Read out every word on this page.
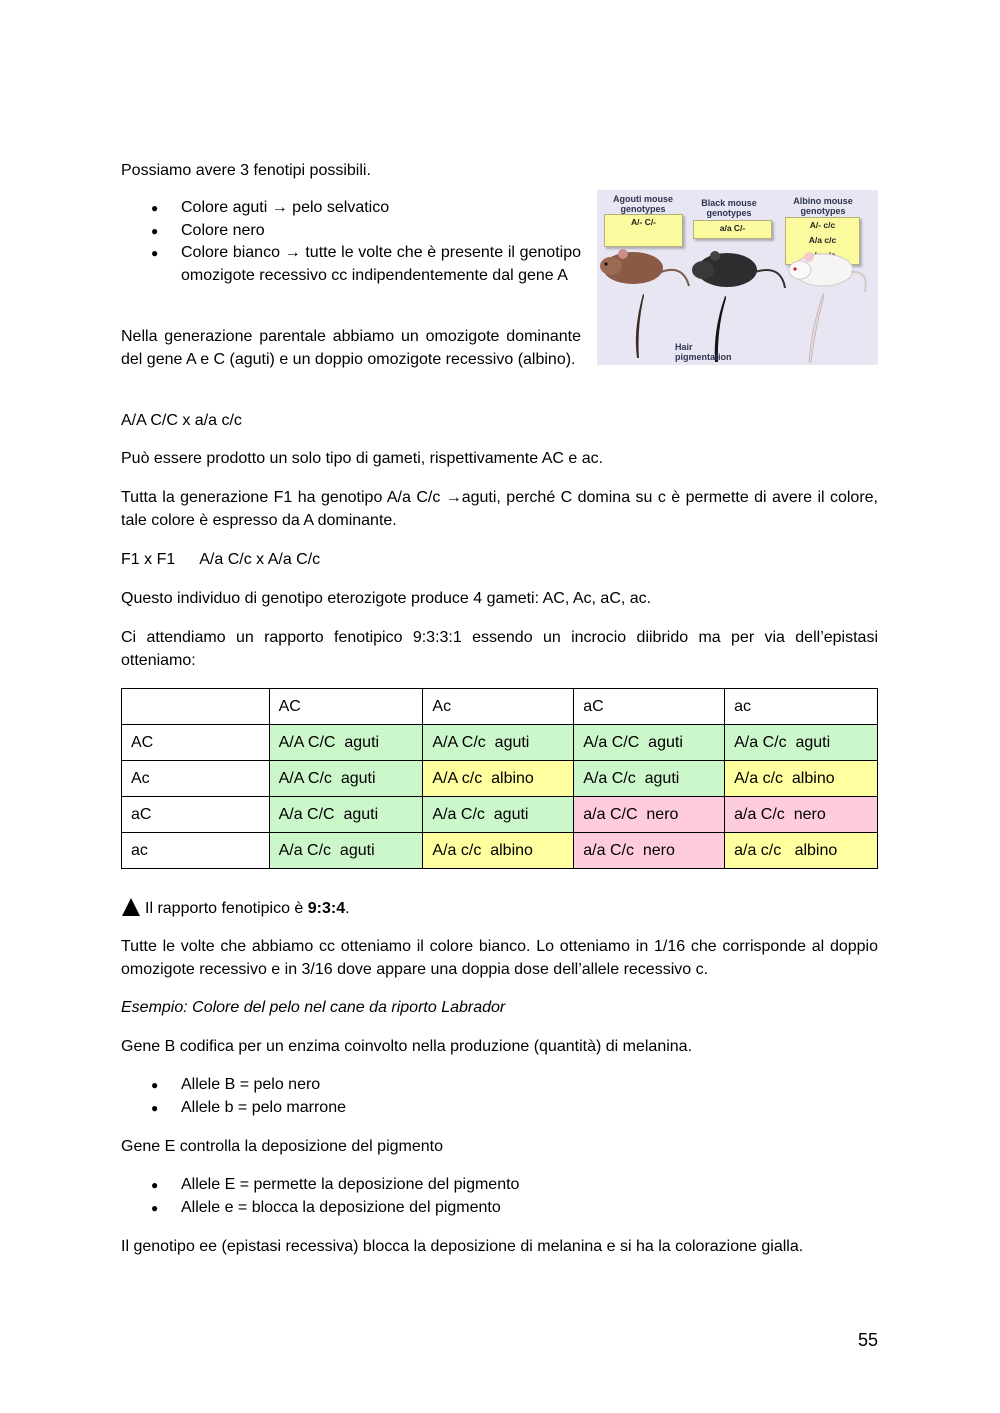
Possiamo avere 3 fenotipi possibili.

● Colore aguti → pelo selvatico
● Colore nero
● Colore bianco → tutte le volte che è presente il genotipo omozigote recessivo cc indipendentemente dal gene A

Nella generazione parentale abbiamo un omozigote dominante del gene A e C (aguti) e un doppio omozigote recessivo (albino).

Agouti mouse genotypes
Black mouse genotypes
Albino mouse genotypes
A/- C/-
a/a C/-	A/- c/c
A/a c/c
Hair pigmentation

A/A C/C x a/a c/c

Può essere prodotto un solo tipo di gameti, rispettivamente AC e ac.

Tutta la generazione F1 ha genotipo A/a C/c →aguti, perché C domina su c è permette di avere il colore, tale colore è espresso da A dominante.

F1 x F1 A/a C/c x A/a C/c

Questo individuo di genotipo eterozigote produce 4 gameti: AC, Ac, aC, ac.

Ci attendiamo un rapporto fenotipico 9:3:3:1 essendo un incrocio diibrido ma per via dell’epistasi otteniamo:

	AC	Ac	aC	ac
AC	A/A C/C  aguti	A/A C/c  aguti	A/a C/C  aguti	A/a C/c  aguti
Ac	A/A C/c  aguti	A/A c/c  albino	A/a C/c  aguti	A/a c/c  albino
aC	A/a C/C  aguti	A/a C/c  aguti	a/a C/C  nero	a/a C/c  nero
ac	A/a C/c  aguti	A/a c/c  albino	a/a C/c  nero	a/a c/c   albino
Il rapporto fenotipico è 9:3:4.

Tutte le volte che abbiamo cc otteniamo il colore bianco. Lo otteniamo in 1/16 che corrisponde al doppio omozigote recessivo e in 3/16 dove appare una doppia dose dell’allele recessivo c.

Esempio: Colore del pelo nel cane da riporto Labrador

Gene B codifica per un enzima coinvolto nella produzione (quantità) di melanina.

● Allele B = pelo nero
● Allele b = pelo marrone

Gene E controlla la deposizione del pigmento

● Allele E = permette la deposizione del pigmento
● Allele e = blocca la deposizione del pigmento

Il genotipo ee (epistasi recessiva) blocca la deposizione di melanina e si ha la colorazione gialla.

55
